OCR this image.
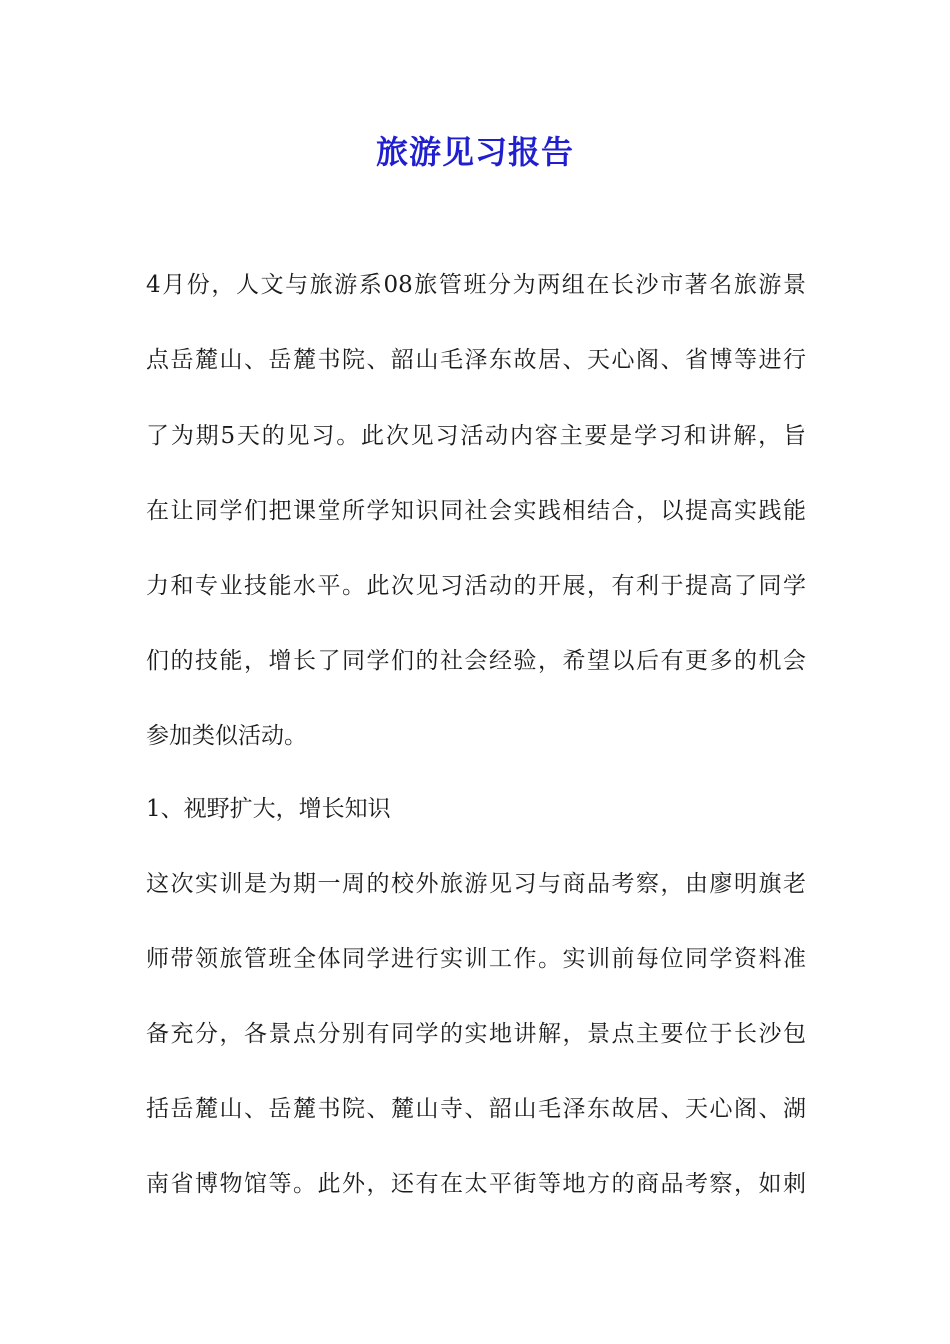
旅游见习报告
4月份，人文与旅游系08旅管班分为两组在长沙市著名旅游景
点岳麓山、岳麓书院、韶山毛泽东故居、天心阁、省博等进行
了为期5天的见习。此次见习活动内容主要是学习和讲解，旨
在让同学们把课堂所学知识同社会实践相结合，以提高实践能
力和专业技能水平。此次见习活动的开展，有利于提高了同学
们的技能，增长了同学们的社会经验，希望以后有更多的机会
参加类似活动。
1、视野扩大，增长知识
这次实训是为期一周的校外旅游见习与商品考察，由廖明旗老
师带领旅管班全体同学进行实训工作。实训前每位同学资料准
备充分，各景点分别有同学的实地讲解，景点主要位于长沙包
括岳麓山、岳麓书院、麓山寺、韶山毛泽东故居、天心阁、湖
南省博物馆等。此外，还有在太平街等地方的商品考察，如刺
